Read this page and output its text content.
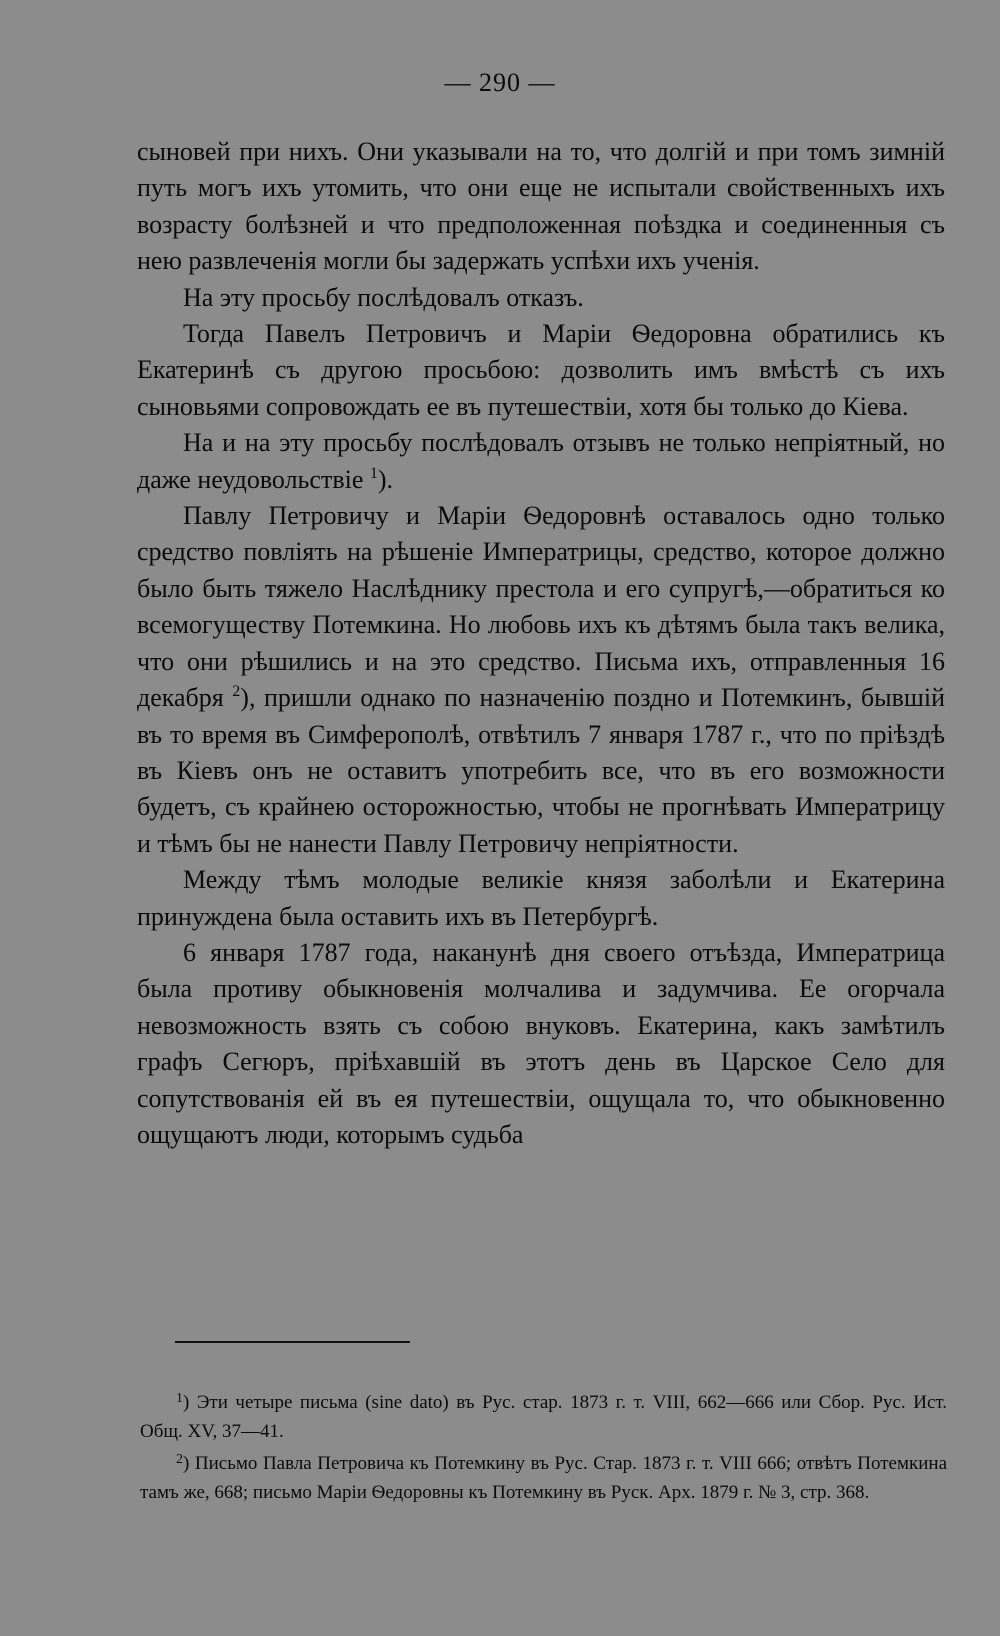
— 290 —

сыновей при нихъ. Они указывали на то, что долгій и при томъ зимній путь могъ ихъ утомить, что они еще не испытали свойственныхъ ихъ возрасту болѣзней и что предположенная поѣздка и соединенныя съ нею развлеченія могли бы задержать успѣхи ихъ ученія.

На эту просьбу послѣдовалъ отказъ.

Тогда Павелъ Петровичъ и Маріи Ѳедоровна обратились къ Екатеринѣ съ другою просьбою: дозволить имъ вмѣстѣ съ ихъ сыновьями сопровождать ее въ путешествіи, хотя бы только до Кіева.

На и на эту просьбу послѣдовалъ отзывъ не только непріятный, но даже неудовольствіе $^1$).

Павлу Петровичу и Маріи Ѳедоровнѣ оставалось одно только средство повліять на рѣшеніе Императрицы, средство, которое должно было быть тяжело Наслѣднику престола и его супругѣ,—обратиться ко всемогуществу Потемкина. Но любовь ихъ къ дѣтямъ была такъ велика, что они рѣшились и на это средство. Письма ихъ, отправленныя 16 декабря $^2$), пришли однако по назначенію поздно и Потемкинъ, бывшій въ то время въ Симферополѣ, отвѣтилъ 7 января 1787 г., что по пріѣздѣ въ Кіевъ онъ не оставитъ употребить все, что въ его возможности будетъ, съ крайнею осторожностью, чтобы не прогнѣвать Императрицу и тѣмъ бы не нанести Павлу Петровичу непріятности.

Между тѣмъ молодые великіе князя заболѣли и Екатерина принуждена была оставить ихъ въ Петербургѣ.

6 января 1787 года, наканунѣ дня своего отъѣзда, Императрица была противу обыкновенія молчалива и задумчива. Ее огорчала невозможность взять съ собою внуковъ. Екатерина, какъ замѣтилъ графъ Сегюръ, пріѣхавшій въ этотъ день въ Царское Село для сопутствованія ей въ ея путешествіи, ощущала то, что обыкновенно ощущаютъ люди, которымъ судьба

$^1$) Эти четыре письма (sine dato) въ Рус. стар. 1873 г. т. VIII, 662—666 или Сбор. Рус. Ист. Общ. XV, 37—41.

$^2$) Письмо Павла Петровича къ Потемкину въ Рус. Стар. 1873 г. т. VIII 666; отвѣтъ Потемкина тамъ же, 668; письмо Маріи Ѳедоровны къ Потемкину въ Руск. Арх. 1879 г. № 3, стр. 368.
